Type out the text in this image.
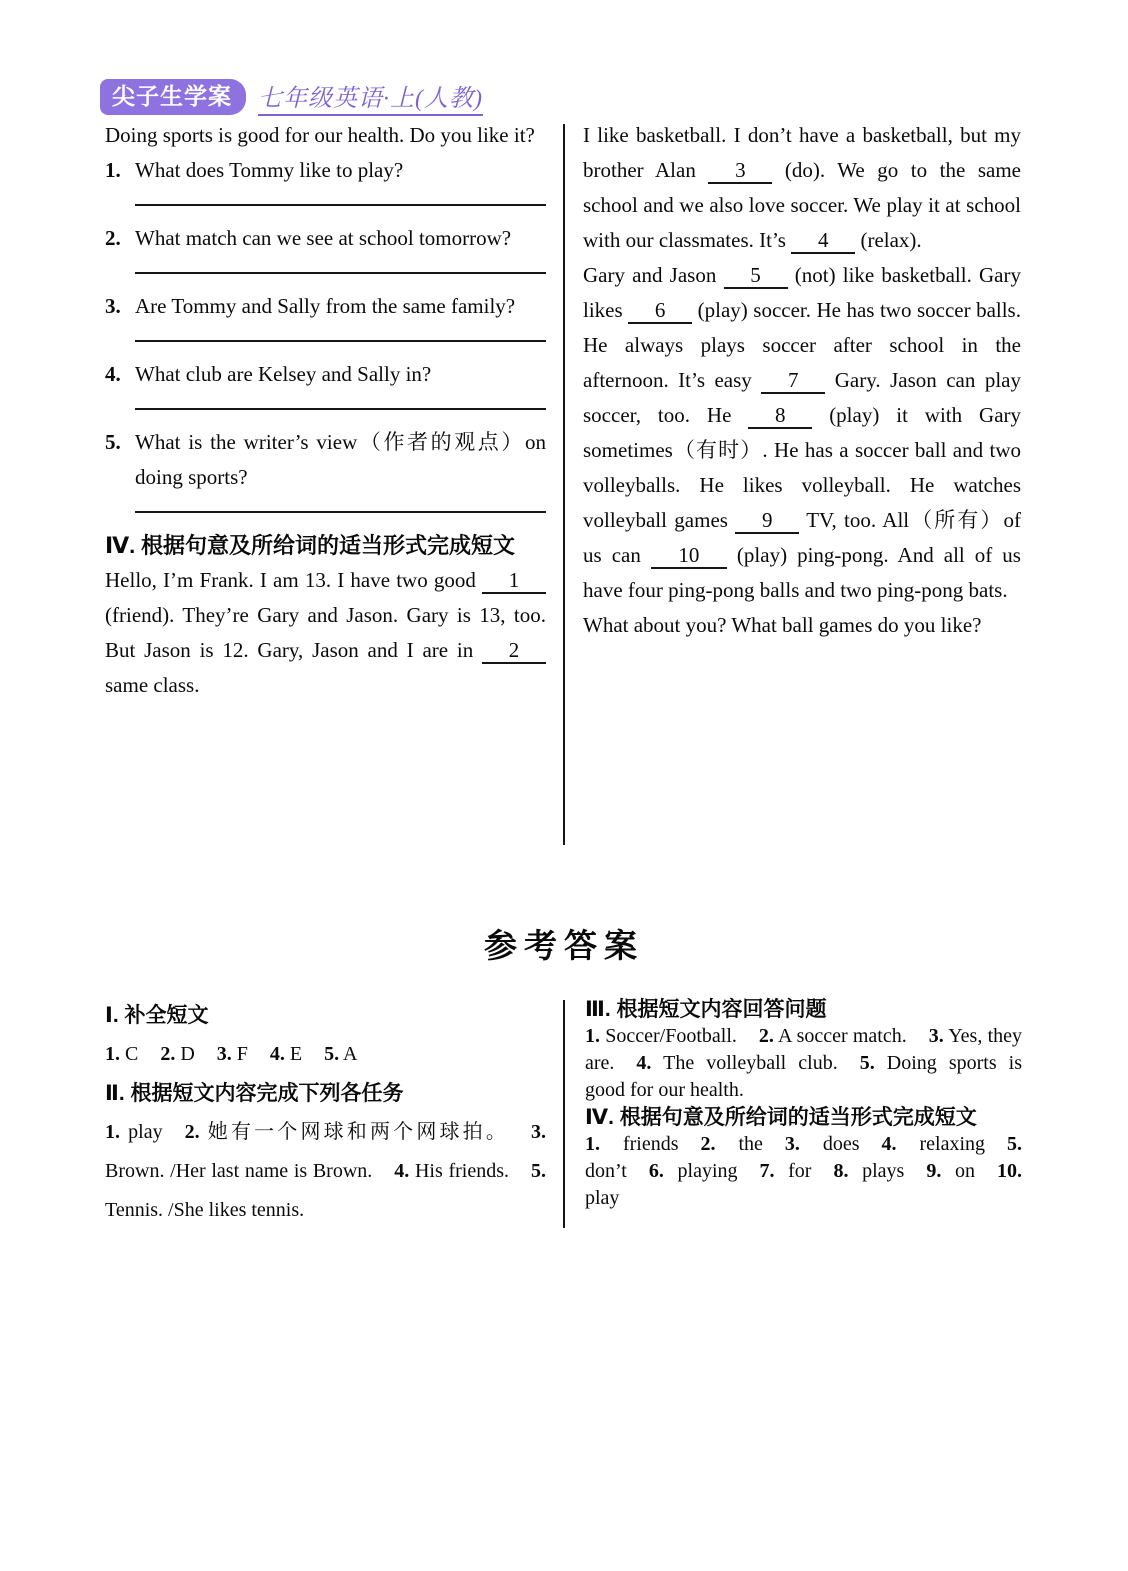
尖子生学案	七年级英语·上(人教)

Doing sports is good for our health. Do you like it?

1. What does Tommy like to play?
2. What match can we see at school tomorrow?
3. Are Tommy and Sally from the same family?
4. What club are Kelsey and Sally in?
5. What is the writer’s view（作者的观点）on doing sports?
Ⅳ. 根据句意及所给词的适当形式完成短文

Hello, I’m Frank. I am 13. I have two good 1 (friend). They’re Gary and Jason. Gary is 13, too. But Jason is 12. Gary, Jason and I are in 2 same class.

I like basketball. I don’t have a basketball, but my brother Alan 3 (do). We go to the same school and we also love soccer. We play it at school with our classmates. It’s 4 (relax).

Gary and Jason 5 (not) like basketball. Gary likes 6 (play) soccer. He has two soccer balls. He always plays soccer after school in the afternoon. It’s easy 7 Gary. Jason can play soccer, too. He 8 (play) it with Gary sometimes（有时）. He has a soccer ball and two volleyballs. He likes volleyball. He watches volleyball games 9 TV, too. All（所有）of us can 10 (play) ping-pong. And all of us have four ping-pong balls and two ping-pong bats.

What about you? What ball games do you like?

参考答案
Ⅰ. 补全短文
1. C 2. D 3. F 4. E 5. A
Ⅱ. 根据短文内容完成下列各任务
1. play 2. 她有一个网球和两个网球拍。 3. Brown. /Her last name is Brown. 4. His friends. 5. Tennis. /She likes tennis.
Ⅲ. 根据短文内容回答问题
1. Soccer/Football. 2. A soccer match. 3. Yes, they are. 4. The volleyball club. 5. Doing sports is good for our health.
Ⅳ. 根据句意及所给词的适当形式完成短文
1. friends 2. the 3. does 4. relaxing 5. don’t 6. playing 7. for 8. plays 9. on 10. play
